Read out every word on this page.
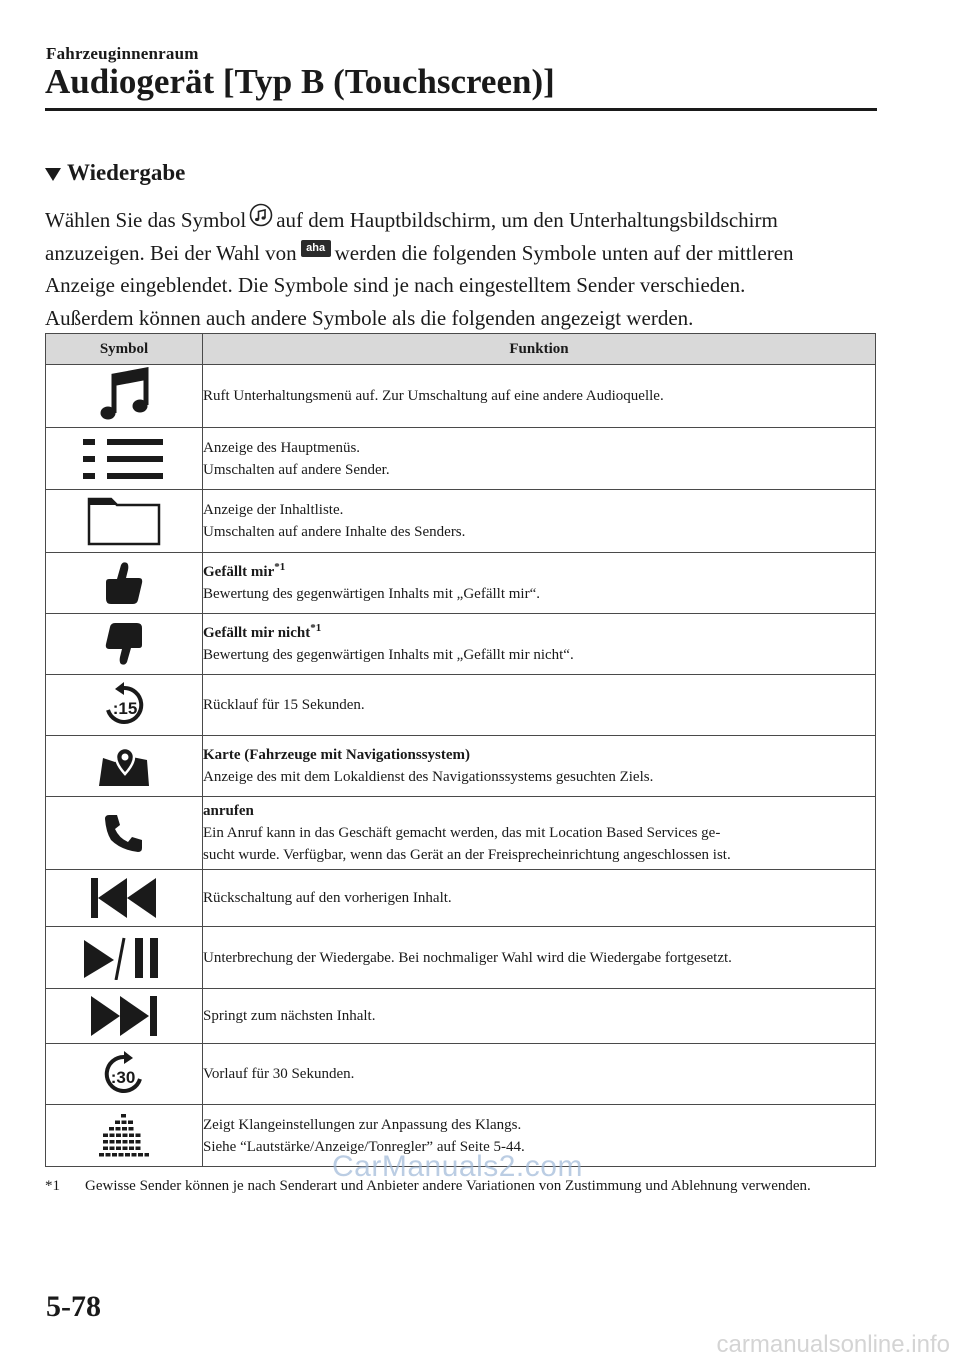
Fahrzeuginnenraum
Audiogerät [Typ B (Touchscreen)]
Wiedergabe

Wählen Sie das Symbol auf dem Hauptbildschirm, um den Unterhaltungsbildschirm

anzuzeigen. Bei der Wahl von aha werden die folgenden Symbole unten auf der mittleren

Anzeige eingeblendet. Die Symbole sind je nach eingestelltem Sender verschieden.

Außerdem können auch andere Symbole als die folgenden angezeigt werden.

Symbol	Funktion

Ruft Unterhaltungsmenü auf. Zur Umschaltung auf eine andere Audioquelle.

Anzeige des Hauptmenüs.
Umschalten auf andere Sender.

Anzeige der Inhaltliste.
Umschalten auf andere Inhalte des Senders.

Gefällt mir$^{*1}$
Bewertung des gegenwärtigen Inhalts mit „Gefällt mir“.

Gefällt mir nicht$^{*1}$
Bewertung des gegenwärtigen Inhalts mit „Gefällt mir nicht“.

:15	Rücklauf für 15 Sekunden.

Karte (Fahrzeuge mit Navigationssystem)
Anzeige des mit dem Lokaldienst des Navigationssystems gesuchten Ziels.

anrufen
Ein Anruf kann in das Geschäft gemacht werden, das mit Location Based Services ge-
sucht wurde. Verfügbar, wenn das Gerät an der Freisprecheinrichtung angeschlossen ist.

Rückschaltung auf den vorherigen Inhalt.

Unterbrechung der Wiedergabe. Bei nochmaliger Wahl wird die Wiedergabe fortgesetzt.

Springt zum nächsten Inhalt.

:30	Vorlauf für 30 Sekunden.

Zeigt Klangeinstellungen zur Anpassung des Klangs.
Siehe “Lautstärke/Anzeige/Tonregler” auf Seite 5-44.
*1 Gewisse Sender können je nach Senderart und Anbieter andere Variationen von Zustimmung und Ablehnung verwenden.
5-78
CarManuals2.com
carmanualsonline.info
